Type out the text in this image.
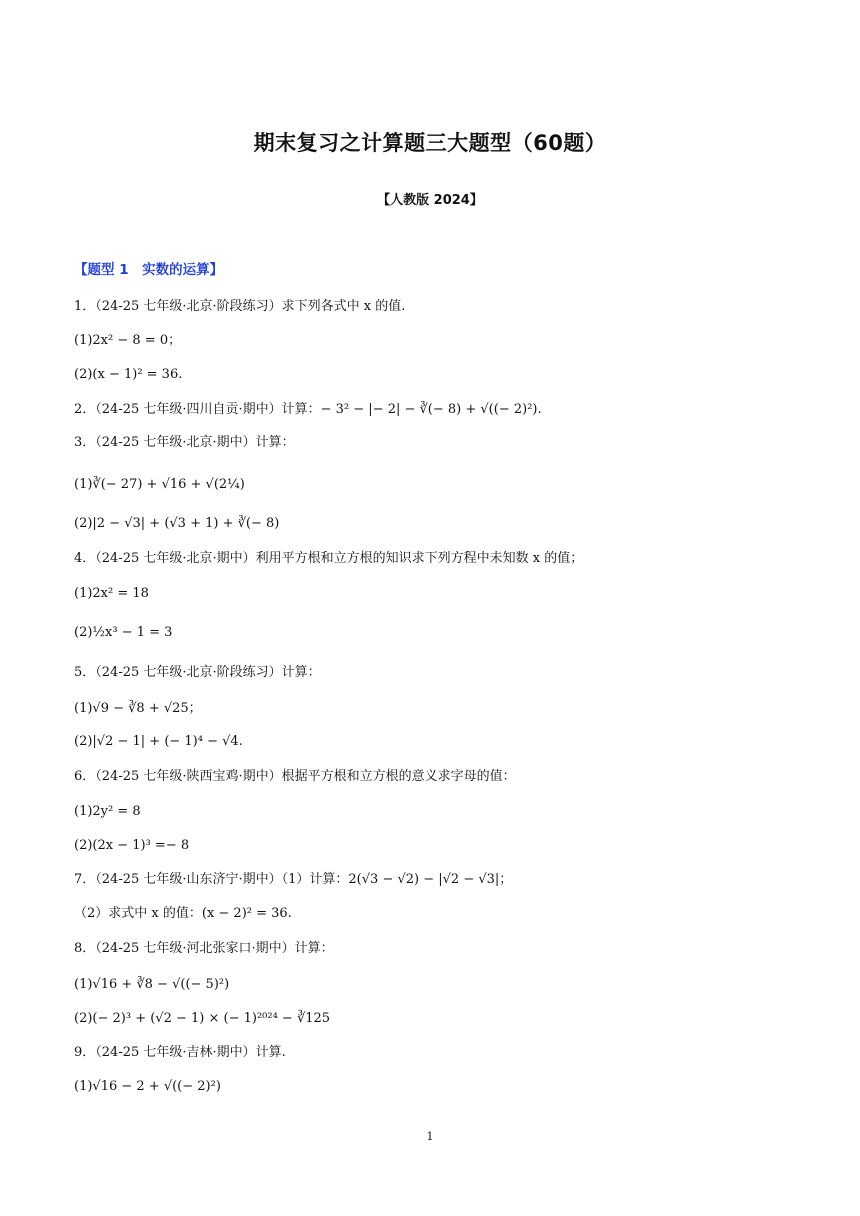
期末复习之计算题三大题型（60题）
【人教版 2024】
【题型 1　实数的运算】
1．（24-25 七年级·北京·阶段练习）求下列各式中 x 的值.
(1)2x² − 8 = 0；
(2)(x − 1)² = 36.
2．（24-25 七年级·四川自贡·期中）计算：− 3² − |− 2| − ∛(− 8) + √((− 2)²).
3．（24-25 七年级·北京·期中）计算：
(1)∛(− 27) + √16 + √(2¼)
(2)|2 − √3| + (√3 + 1) + ∛(− 8)
4．（24-25 七年级·北京·期中）利用平方根和立方根的知识求下列方程中未知数 x 的值；
(1)2x² = 18
(2)½x³ − 1 = 3
5．（24-25 七年级·北京·阶段练习）计算：
(1)√9 − ∛8 + √25；
(2)|√2 − 1| + (− 1)⁴ − √4.
6．（24-25 七年级·陕西宝鸡·期中）根据平方根和立方根的意义求字母的值：
(1)2y² = 8
(2)(2x − 1)³ =− 8
7．（24-25 七年级·山东济宁·期中）（1）计算：2(√3 − √2) − |√2 − √3|；
（2）求式中 x 的值：(x − 2)² = 36.
8．（24-25 七年级·河北张家口·期中）计算：
(1)√16 + ∛8 − √((− 5)²)
(2)(− 2)³ + (√2 − 1) × (− 1)²⁰²⁴ − ∛125
9．（24-25 七年级·吉林·期中）计算.
(1)√16 − 2 + √((− 2)²)
1
